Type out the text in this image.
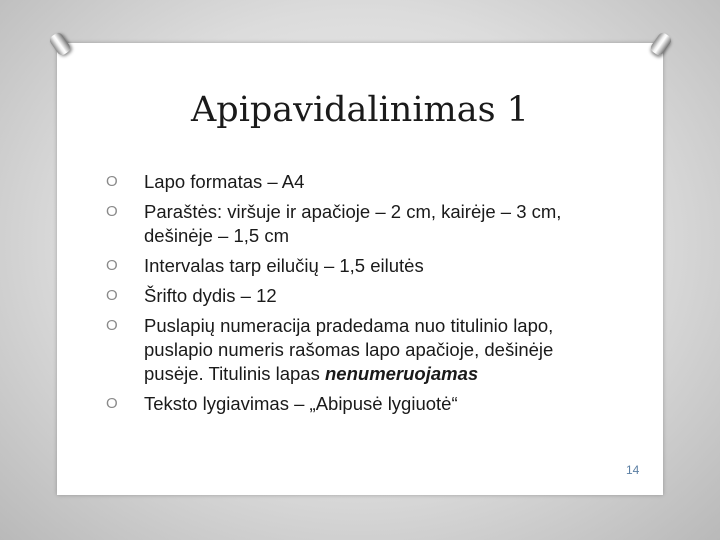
Apipavidalinimas 1
O Lapo formatas – A4
O Paraštės: viršuje ir apačioje – 2 cm, kairėje – 3 cm, dešinėje – 1,5 cm
O Intervalas tarp eilučių – 1,5 eilutės
O Šrifto dydis – 12
O Puslapių numeracija pradedama nuo titulinio lapo, puslapio numeris rašomas lapo apačioje, dešinėje pusėje. Titulinis lapas nenumeruojamas
O Teksto lygiavimas – „Abipusė lygiuotė“
14
